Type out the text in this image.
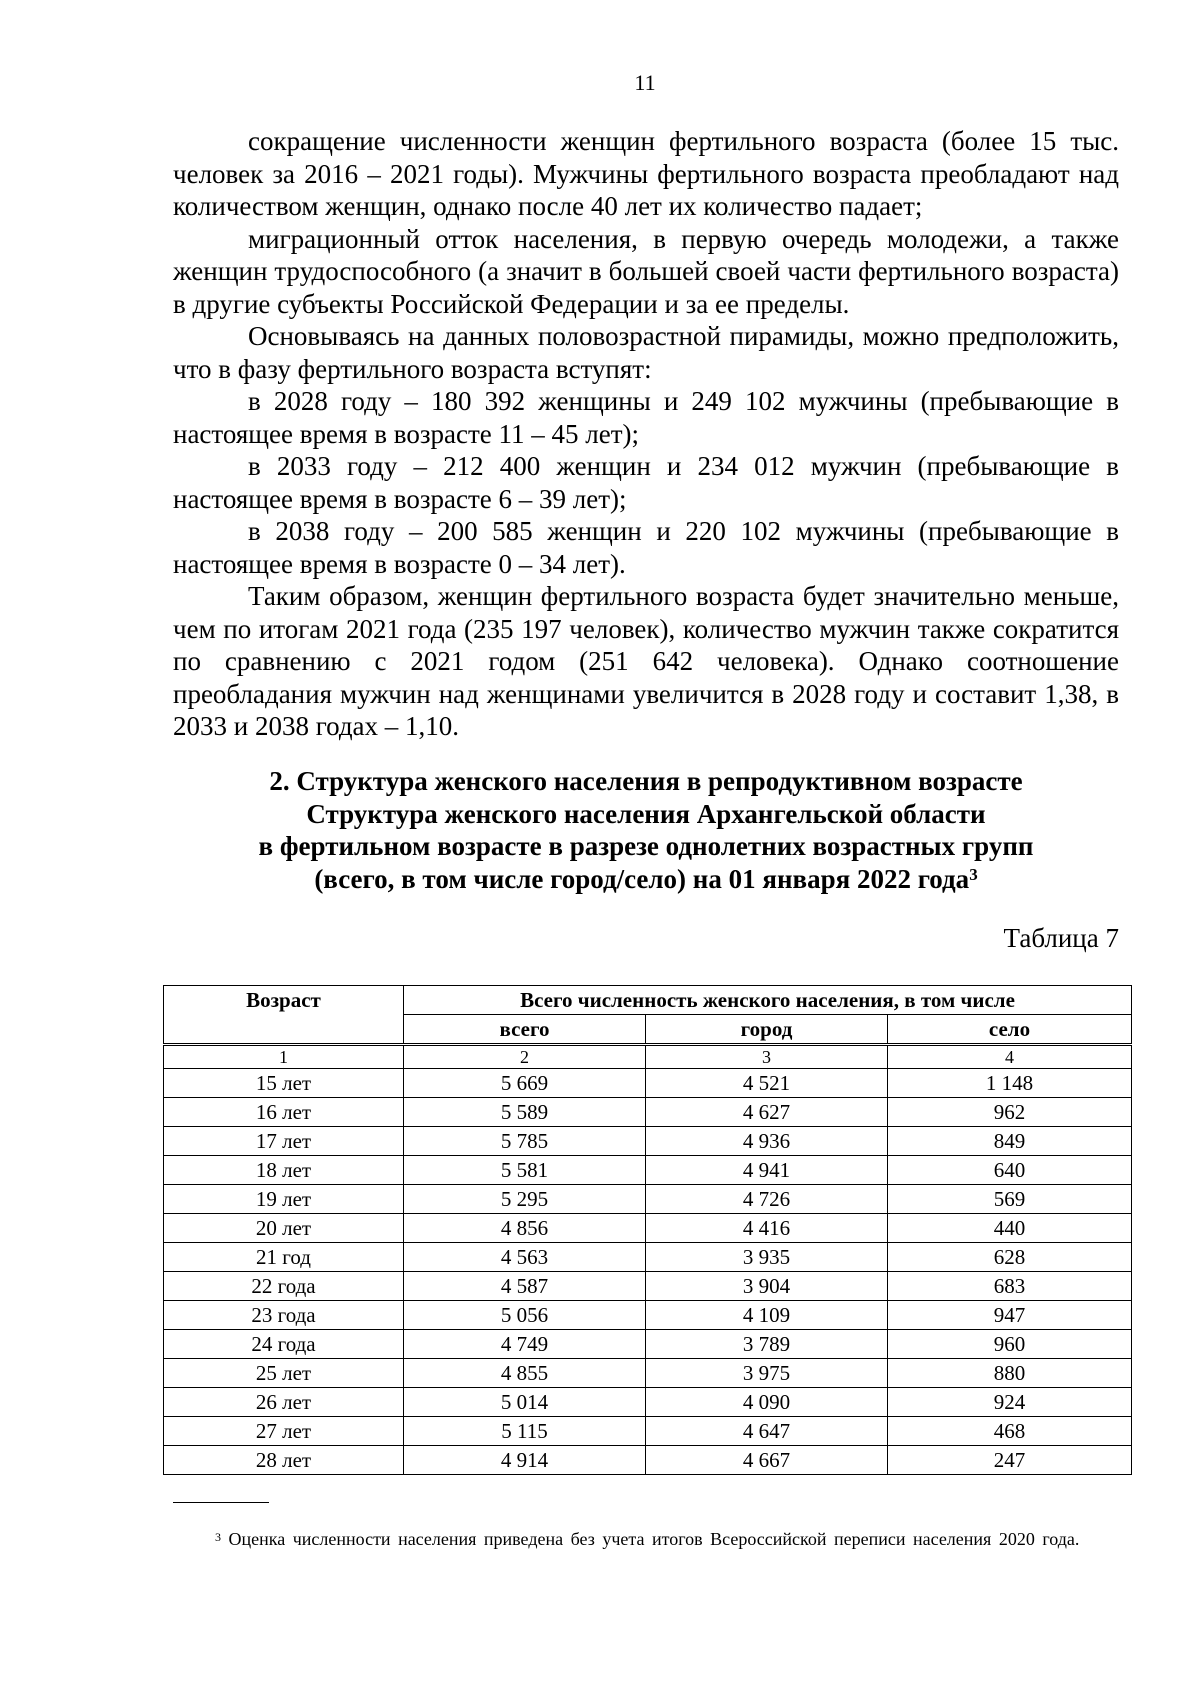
11

сокращение численности женщин фертильного возраста (более 15 тыс. человек за 2016 – 2021 годы). Мужчины фертильного возраста преобладают над количеством женщин, однако после 40 лет их количество падает;

миграционный отток населения, в первую очередь молодежи, а также женщин трудоспособного (а значит в большей своей части фертильного возраста) в другие субъекты Российской Федерации и за ее пределы.

Основываясь на данных половозрастной пирамиды, можно предположить, что в фазу фертильного возраста вступят:

в 2028 году – 180 392 женщины и 249 102 мужчины (пребывающие в настоящее время в возрасте 11 – 45 лет);

в 2033 году – 212 400 женщин и 234 012 мужчин (пребывающие в настоящее время в возрасте 6 – 39 лет);

в 2038 году – 200 585 женщин и 220 102 мужчины (пребывающие в настоящее время в возрасте 0 – 34 лет).

Таким образом, женщин фертильного возраста будет значительно меньше, чем по итогам 2021 года (235 197 человек), количество мужчин также сократится по сравнению с 2021 годом (251 642 человека). Однако соотношение преобладания мужчин над женщинами увеличится в 2028 году и составит 1,38, в 2033 и 2038 годах – 1,10.

2. Структура женского населения в репродуктивном возрасте
Структура женского населения Архангельской области
в фертильном возрасте в разрезе однолетних возрастных групп
(всего, в том числе город/село) на 01 января 2022 года$^3$
Таблица 7
Возраст	Всего численность женского населения, в том числе		
	всего	город	село
1	2	3	4
15 лет	5 669	4 521	1 148
16 лет	5 589	4 627	962
17 лет	5 785	4 936	849
18 лет	5 581	4 941	640
19 лет	5 295	4 726	569
20 лет	4 856	4 416	440
21 год	4 563	3 935	628
22 года	4 587	3 904	683
23 года	5 056	4 109	947
24 года	4 749	3 789	960
25 лет	4 855	3 975	880
26 лет	5 014	4 090	924
27 лет	5 115	4 647	468
28 лет	4 914	4 667	247
$^3$ Оценка численности населения приведена без учета итогов Всероссийской переписи населения 2020 года.
